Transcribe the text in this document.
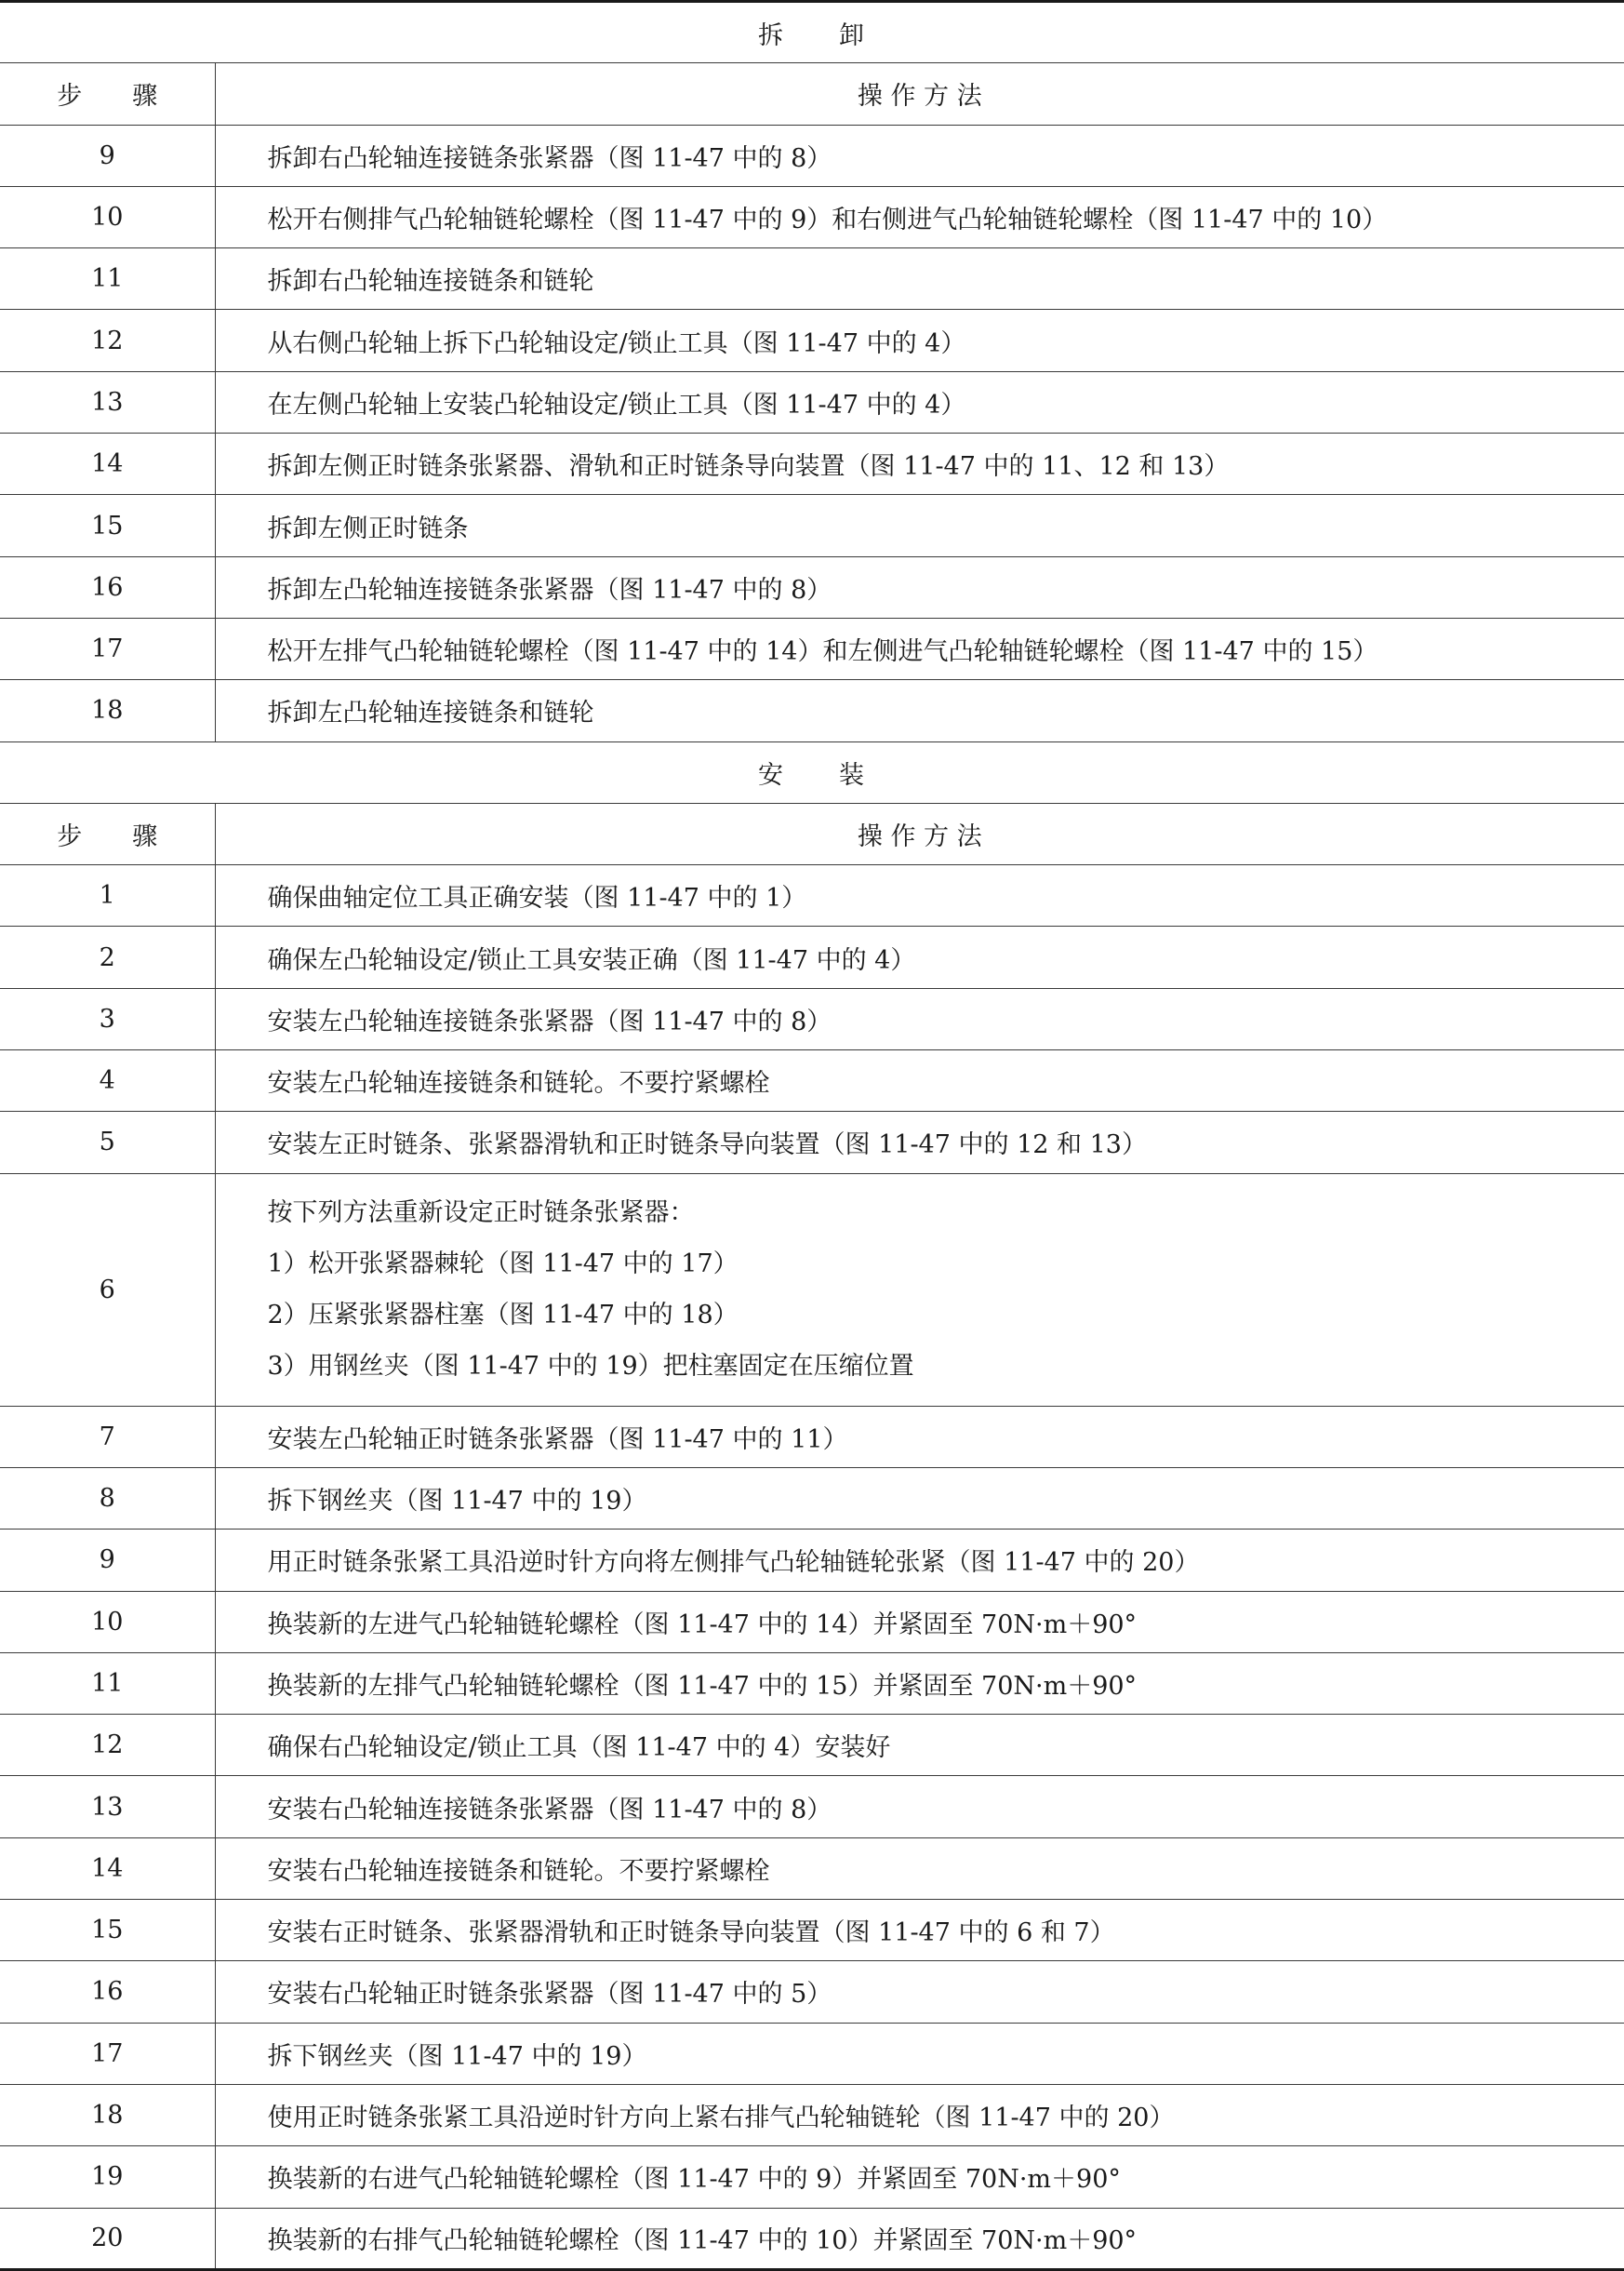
拆　　卸	
步　　骤	操 作 方 法
9	拆卸右凸轮轴连接链条张紧器（图 11-47 中的 8）
10	松开右侧排气凸轮轴链轮螺栓（图 11-47 中的 9）和右侧进气凸轮轴链轮螺栓（图 11-47 中的 10）
11	拆卸右凸轮轴连接链条和链轮
12	从右侧凸轮轴上拆下凸轮轴设定/锁止工具（图 11-47 中的 4）
13	在左侧凸轮轴上安装凸轮轴设定/锁止工具（图 11-47 中的 4）
14	拆卸左侧正时链条张紧器、滑轨和正时链条导向装置（图 11-47 中的 11、12 和 13）
15	拆卸左侧正时链条
16	拆卸左凸轮轴连接链条张紧器（图 11-47 中的 8）
17	松开左排气凸轮轴链轮螺栓（图 11-47 中的 14）和左侧进气凸轮轴链轮螺栓（图 11-47 中的 15）
18	拆卸左凸轮轴连接链条和链轮
安　　装	
步　　骤	操 作 方 法
1	确保曲轴定位工具正确安装（图 11-47 中的 1）
2	确保左凸轮轴设定/锁止工具安装正确（图 11-47 中的 4）
3	安装左凸轮轴连接链条张紧器（图 11-47 中的 8）
4	安装左凸轮轴连接链条和链轮。不要拧紧螺栓
5	安装左正时链条、张紧器滑轨和正时链条导向装置（图 11-47 中的 12 和 13）
6	按下列方法重新设定正时链条张紧器：
1）松开张紧器棘轮（图 11-47 中的 17）
2）压紧张紧器柱塞（图 11-47 中的 18）
3）用钢丝夹（图 11-47 中的 19）把柱塞固定在压缩位置

7	安装左凸轮轴正时链条张紧器（图 11-47 中的 11）
8	拆下钢丝夹（图 11-47 中的 19）
9	用正时链条张紧工具沿逆时针方向将左侧排气凸轮轴链轮张紧（图 11-47 中的 20）
10	换装新的左进气凸轮轴链轮螺栓（图 11-47 中的 14）并紧固至 70N·m＋90°
11	换装新的左排气凸轮轴链轮螺栓（图 11-47 中的 15）并紧固至 70N·m＋90°
12	确保右凸轮轴设定/锁止工具（图 11-47 中的 4）安装好
13	安装右凸轮轴连接链条张紧器（图 11-47 中的 8）
14	安装右凸轮轴连接链条和链轮。不要拧紧螺栓
15	安装右正时链条、张紧器滑轨和正时链条导向装置（图 11-47 中的 6 和 7）
16	安装右凸轮轴正时链条张紧器（图 11-47 中的 5）
17	拆下钢丝夹（图 11-47 中的 19）
18	使用正时链条张紧工具沿逆时针方向上紧右排气凸轮轴链轮（图 11-47 中的 20）
19	换装新的右进气凸轮轴链轮螺栓（图 11-47 中的 9）并紧固至 70N·m＋90°
20	换装新的右排气凸轮轴链轮螺栓（图 11-47 中的 10）并紧固至 70N·m＋90°
